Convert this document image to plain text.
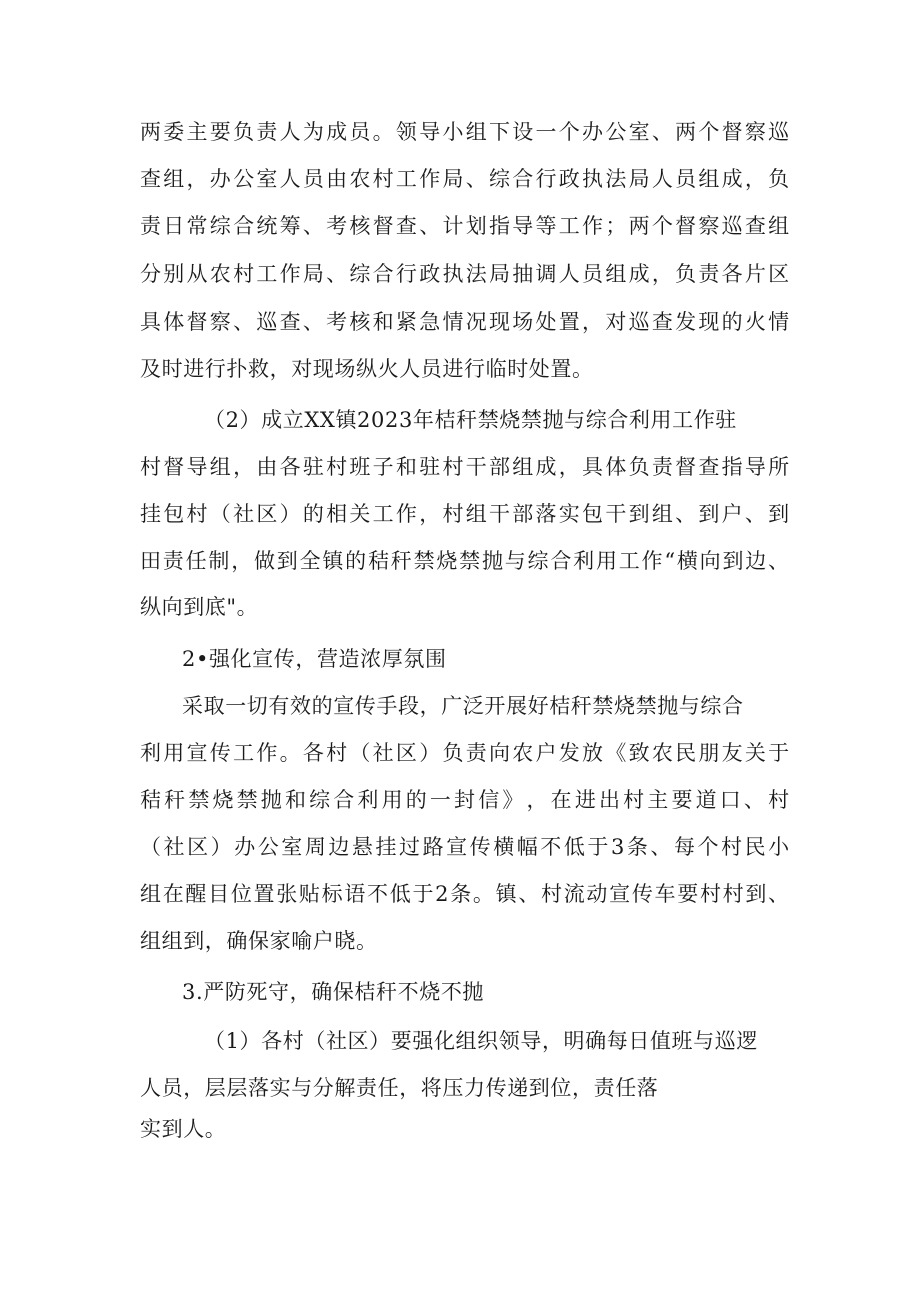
两 委 主 要 负 责 人 为 成 员 。 领 导 小 组 下 设 一 个 办 公 室 、 两 个 督 察 巡
查 组 ， 办 公 室 人 员 由 农 村 工 作 局 、 综 合 行 政 执 法 局 人 员 组 成 ， 负
责 日 常 综 合 统 筹 、 考 核 督 查 、 计 划 指 导 等 工 作 ； 两 个 督 察 巡 查 组
分 别 从 农 村 工 作 局 、 综 合 行 政 执 法 局 抽 调 人 员 组 成 ， 负 责 各 片 区
具 体 督 察 、 巡 查 、 考 核 和 紧 急 情 况 现 场 处 置 ， 对 巡 查 发 现 的 火 情
及时进行扑救，对现场纵火人员进行临时处置。
（2）成立XX镇2023年桔秆禁烧禁抛与综合利用工作驻
村 督 导 组 ， 由 各 驻 村 班 子 和 驻 村 干 部 组 成 ， 具 体 负 责 督 查 指 导 所
挂 包 村 （ 社 区 ） 的 相 关 工 作 ， 村 组 干 部 落 实 包 干 到 组 、 到 户 、 到
田 责 任 制 ， 做 到 全 镇 的 秸 秆 禁 烧 禁 抛 与 综 合 利 用 工 作 “ 横 向 到 边 、
纵向到底"。
2•强化宣传，营造浓厚氛围
采取一切有效的宣传手段，广泛开展好桔秆禁烧禁抛与综合
利 用 宣 传 工 作 。 各 村 （ 社 区 ） 负 责 向 农 户 发 放 《 致 农 民 朋 友 关 于
秸 秆 禁 烧 禁 抛 和 综 合 利 用 的 一 封 信 》 ， 在 进 出 村 主 要 道 口 、 村
（ 社 区 ） 办 公 室 周 边 悬 挂 过 路 宣 传 横 幅 不 低 于 3 条 、 每 个 村 民 小
组 在 醒 目 位 置 张 贴 标 语 不 低 于 2 条 。 镇 、 村 流 动 宣 传 车 要 村 村 到 、
组组到，确保家喻户晓。
3.严防死守，确保桔秆不烧不抛
（1）各村（社区）要强化组织领导，明确每日值班与巡逻
人员，层层落实与分解责任，将压力传递到位，责任落
实到人。
